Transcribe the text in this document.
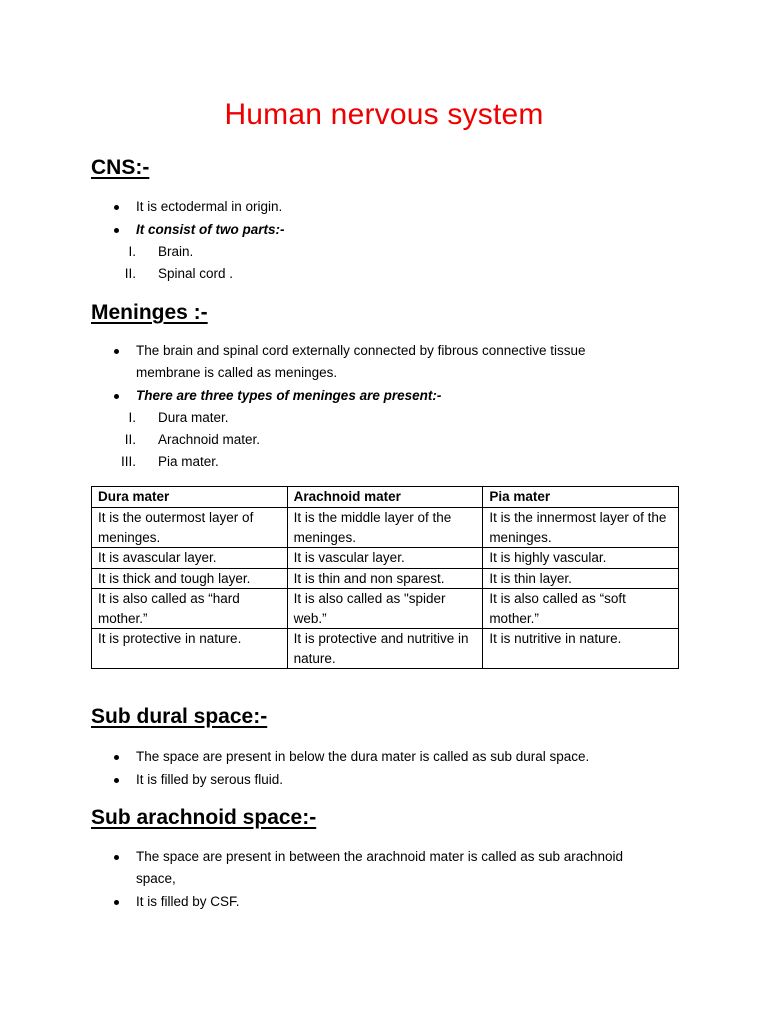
Human nervous system
CNS:-
It is ectodermal in origin.
It consist of two parts:-
I. Brain.
II. Spinal cord .
Meninges :-
The brain and spinal cord externally connected by fibrous connective tissue
membrane is called as meninges.
There are three types of meninges are present:-
I. Dura mater.
II. Arachnoid mater.
III. Pia mater.
Dura mater	Arachnoid mater	Pia mater
It is the outermost layer of meninges.	It is the middle layer of the meninges.	It is the innermost layer of the meninges.
It is avascular layer.	It is vascular layer.	It is highly vascular.
It is thick and tough layer.	It is thin and non sparest.	It is thin layer.
It is also called as “hard mother.”	It is also called as "spider web.”	It is also called as “soft mother.”
It is protective in nature.	It is protective and nutritive in nature.	It is nutritive in nature.
Sub dural space:-
The space are present in below the dura mater is called as sub dural space.
It is filled by serous fluid.
Sub arachnoid space:-
The space are present in between the arachnoid mater is called as sub arachnoid
space,
It is filled by CSF.
